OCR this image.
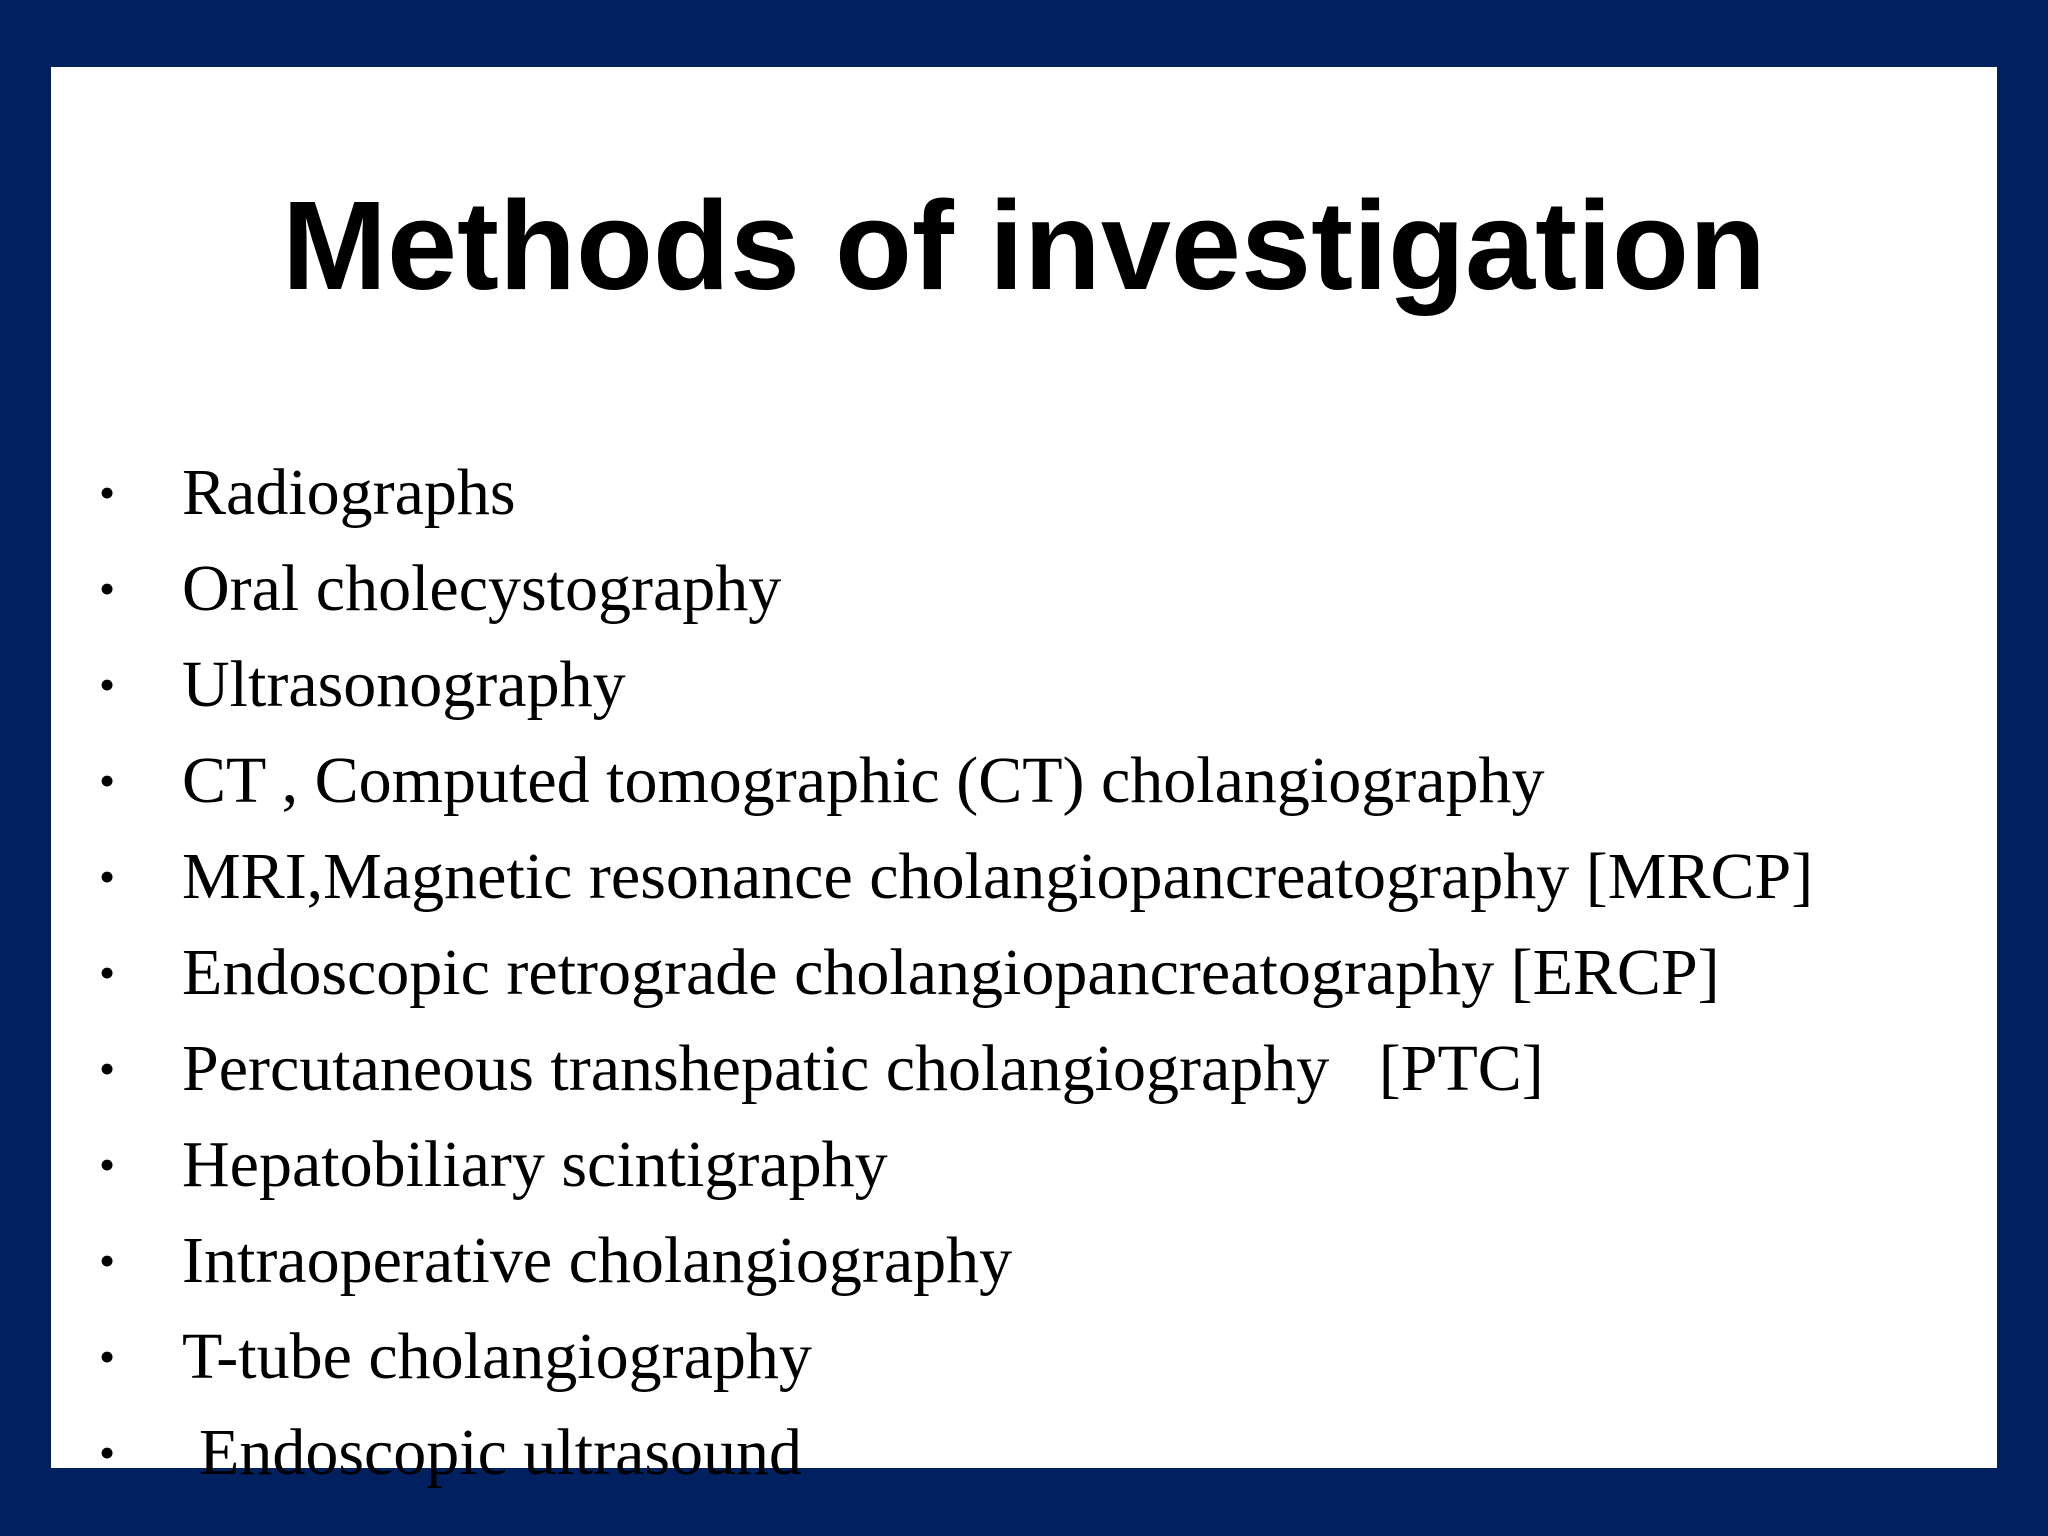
Methods of investigation
• Radiographs
• Oral cholecystography
• Ultrasonography
• CT , Computed tomographic (CT) cholangiography
• MRI,Magnetic resonance cholangiopancreatography [MRCP]
• Endoscopic retrograde cholangiopancreatography [ERCP]
• Percutaneous transhepatic cholangiography   [PTC]
• Hepatobiliary scintigraphy
• Intraoperative cholangiography
• T-tube cholangiography
• Endoscopic ultrasound
